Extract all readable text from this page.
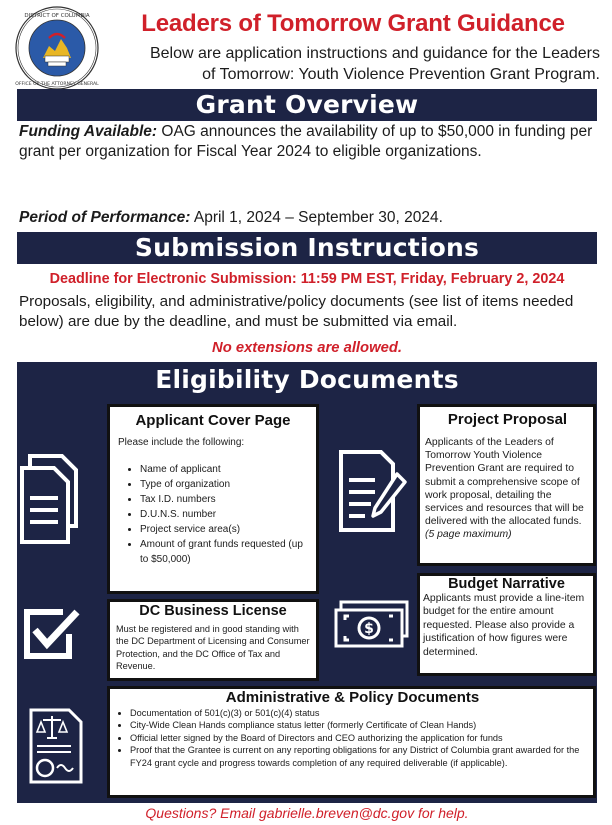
DISTRICT OF COLUMBIA
OFFICE OF THE ATTORNEY GENERAL
Leaders of Tomorrow Grant Guidance
Below are application instructions and guidance for the Leaders
of Tomorrow: Youth Violence Prevention Grant Program.
Grant Overview
Funding Available: OAG announces the availability of up to $50,000 in funding per grant per organization for Fiscal Year 2024 to eligible organizations.
Period of Performance: April 1, 2024 – September 30, 2024.
Submission Instructions
Deadline for Electronic Submission: 11:59 PM EST, Friday, February 2, 2024
Proposals, eligibility, and administrative/policy documents (see list of items needed below) are due by the deadline, and must be submitted via email.
No extensions are allowed.
Eligibility Documents
Applicant Cover Page
Please include the following:
• Name of applicant
• Type of organization
• Tax I.D. numbers
• D.U.N.S. number
• Project service area(s)
• Amount of grant funds requested (up to $50,000)
Project Proposal
Applicants of the Leaders of Tomorrow Youth Violence Prevention Grant are required to submit a comprehensive scope of work proposal, detailing the services and resources that will be delivered with the allocated funds. (5 page maximum)
DC Business License
Must be registered and in good standing with the DC Department of Licensing and Consumer Protection, and the DC Office of Tax and Revenue.
$
Budget Narrative
Applicants must provide a line-item budget for the entire amount requested. Please also provide a justification of how figures were determined.
Administrative & Policy Documents
• Documentation of 501(c)(3) or 501(c)(4) status
• City-Wide Clean Hands compliance status letter (formerly Certificate of Clean Hands)
• Official letter signed by the Board of Directors and CEO authorizing the application for funds
• Proof that the Grantee is current on any reporting obligations for any District of Columbia grant awarded for the FY24 grant cycle and progress towards completion of any required deliverable (if applicable).
Questions? Email gabrielle.breven@dc.gov for help.
